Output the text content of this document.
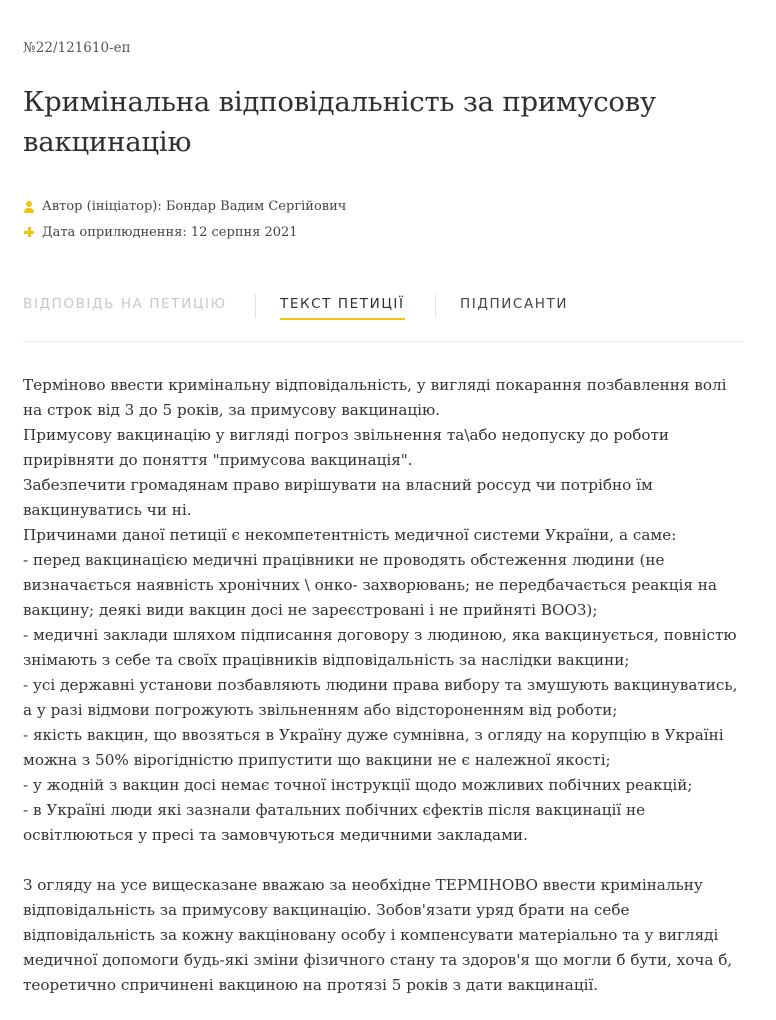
№22/121610-еп
Кримінальна відповідальність за примусову вакцинацію
Автор (ініціатор): Бондар Вадим Сергійович
Дата оприлюднення: 12 серпня 2021
ВІДПОВІДЬ НА ПЕТИЦІЮ	ТЕКСТ ПЕТИЦІЇ	ПІДПИСАНТИ

Терміново ввести кримінальну відповідальність, у вигляді покарання позбавлення волі на строк від 3 до 5 років, за примусову вакцинацію.

Примусову вакцинацію у вигляді погроз звільнення та\або недопуску до роботи прирівняти до поняття "примусова вакцинація".

Забезпечити громадянам право вирішувати на власний россуд чи потрібно їм вакцинуватись чи ні.

Причинами даної петиції є некомпетентність медичної системи України, а саме:

- перед вакцинацією медичні працівники не проводять обстеження людини (не визначається наявність хронічних \ онко- захворювань; не передбачається реакція на вакцину; деякі види вакцин досі не зареєстровані і не прийняті ВООЗ);

- медичні заклади шляхом підписання договору з людиною, яка вакцинується, повністю знімають з себе та своїх працівників відповідальність за наслідки вакцини;

- усі державні установи позбавляють людини права вибору та змушують вакцинуватись, а у разі відмови погрожують звільненням або відстороненням від роботи;

- якість вакцин, що ввозяться в Україну дуже сумнівна, з огляду на корупцію в Україні можна з 50% вірогідністю припустити що вакцини не є належної якості;

- у жодній з вакцин досі немає точної інструкції щодо можливих побічних реакцій;

- в Україні люди які зазнали фатальних побічних єфектів після вакцинації не освітлюються у пресі та замовчуються медичними закладами.

З огляду на усе вищесказане вважаю за необхідне ТЕРМІНОВО ввести кримінальну відповідальність за примусову вакцинацію. Зобов'язати уряд брати на себе відповідальність за кожну вакціновану особу і компенсувати матеріально та у вигляді медичної допомоги будь-які зміни фізичного стану та здоров'я що могли б бути, хоча б, теоретично спричинені вакциною на протязі 5 років з дати вакцинації.
